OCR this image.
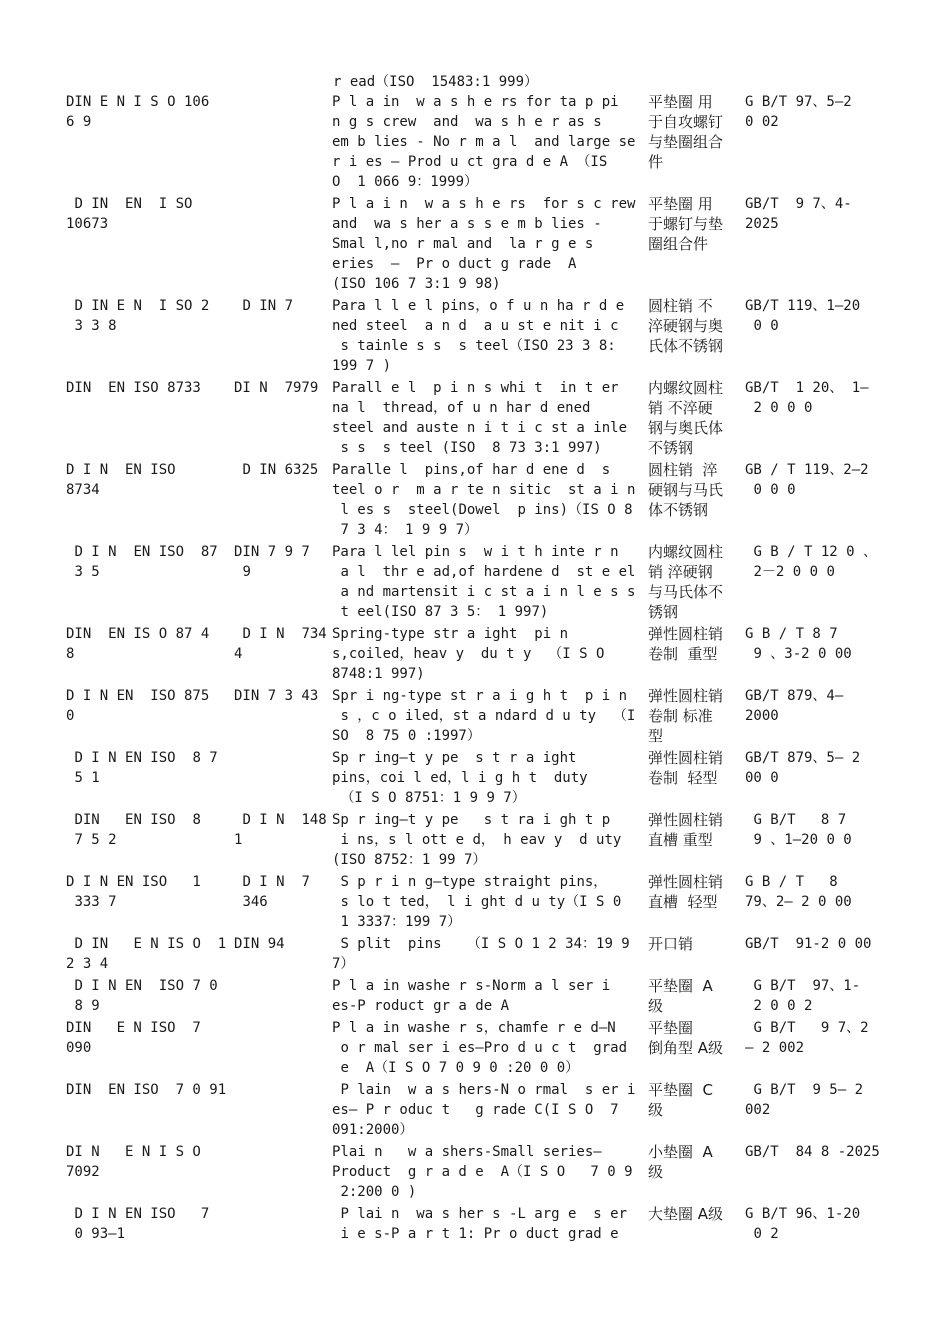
r ead（ISO  15483:1 999）
DIN E N I S O 106
6 9		P l a in  w a s h e rs for ta p pi
n g s crew  and  wa s h e r as s
em b lies - No r m a l  and large se
r i es — Prod u ct gra d e A （IS
O  1 066 9：1999）	平垫圈 用
于自攻螺钉
与垫圈组合
件	G B/T 97、5—2
0 02
D IN  EN  I SO
10673		P l a i n  w a s h e rs  for s c rew
and  wa s her a s s e m b lies -
Smal l,no r mal and  la r g e s
eries  —  Pr o duct g rade  A
(ISO 106 7 3:1 9 98)	平垫圈 用
于螺钉与垫
圈组合件	GB/T  9 7、4-
2025
D IN E N  I SO 2
3 3 8	D IN 7	Para l l e l pins，o f u n ha r d e
ned steel  a n d  a u st e nit i c
s tainle s s  s teel（ISO 23 3 8:
199 7 )	圆柱销 不
淬硬钢与奥
氏体不锈钢	GB/T 119、1—20
0 0
DIN  EN ISO 8733	DI N  7979	Parall e l  p i n s whi t  in t er
na l  thread，of u n har d ened
steel and auste n i t i c st a inle
s s  s teel (ISO  8 73 3:1 997)	内螺纹圆柱
销 不淬硬
钢与奥氏体
不锈钢	GB/T  1 20、 1—
2 0 0 0
D I N  EN ISO
8734	D IN 6325	Paralle l  pins,of har d ene d  s
teel o r  m a r te n sitic  st a i n
l es s  steel(Dowel  p ins)（IS O 8
7 3 4： 1 9 9 7）	圆柱销  淬
硬钢与马氏
体不锈钢	GB / T 119、2—2
0 0 0
D I N  EN ISO  87
3 5	DIN 7 9 7
9	Para l lel pin s  w i t h inte r n
a l  thr e ad,of hardene d  st e el
a nd martensit i c st a i n l e s s
t eel(ISO 87 3 5： 1 997)	内螺纹圆柱
销 淬硬钢
与马氏体不
锈钢	G B / T 12 0 、
2－2 0 0 0
DIN  EN IS O 87 4
8	D I N  7344	Spring-type str a ight  pi n
s,coiled，heav y  du t y  （I S O
8748:1 997)	弹性圆柱销
卷制  重型	G B / T 8 7
9 、3-2 0 00
D I N EN  ISO 875
0	DIN 7 3 43	Spr i ng-type st r a i g h t  p i n
s ，c o iled，st a ndard d u ty  （I
SO  8 75 0 :1997）	弹性圆柱销
卷制 标准
型	GB/T 879、4—
2000
D I N EN ISO  8 7
5 1		Sp r ing—t y pe  s t r a ight
pins，coi l ed，l i g h t  duty
（I S O 8751：1 9 9 7）	弹性圆柱销
卷制  轻型	GB/T 879、5— 2
00 0
DIN   EN ISO  8
7 5 2	D I N  1481	Sp r ing—t y pe   s t ra i gh t p
i ns，s l ott e d， h eav y  d uty
(ISO 8752：1 99 7）	弹性圆柱销
直槽 重型	G B/T   8 7
9 、1—20 0 0
D I N EN ISO   1
333 7	D I N  7
346	S p r i n g—type straight pins，
s lo t ted， l i ght d u ty（I S 0
1 3337：199 7）	弹性圆柱销
直槽  轻型	G B / T   8
79、2— 2 0 00
D IN   E N IS O  1
2 3 4	DIN 94	S plit  pins   （I S O 1 2 34：19 9
7）	开口销	GB/T  91-2 0 00
D I N EN  ISO 7 0
8 9		P l a in washe r s-Norm a l ser i
es-P roduct gr a de A	平垫圈  A
级	G B/T  97、1-
2 0 0 2
DIN   E N ISO  7
090		P l a in washe r s，chamfe r e d—N
o r mal ser i es—Pro d u c t  grad
e  A（I S O 7 0 9 0 :20 0 0）	平垫圈
倒角型 A级	G B/T   9 7、2
— 2 002
DIN  EN ISO  7 0 91		P lain  w a s hers-N o rmal  s er i
es— P r oduc t   g rade C(I S O  7
091:2000）	平垫圈  C
级	G B/T  9 5— 2
002
DI N   E N I S O
7092		Plai n   w a shers-Small series—
Product  g r a d e  A（I S O   7 0 9
2:200 0 )	小垫圈  A
级	GB/T  84 8 -2025
D I N EN ISO   7
0 93—1		P lai n  wa s her s -L arg e  s er
i e s-P a r t 1: Pr o duct grad e	大垫圈 A级	G B/T 96、1-20
0 2
